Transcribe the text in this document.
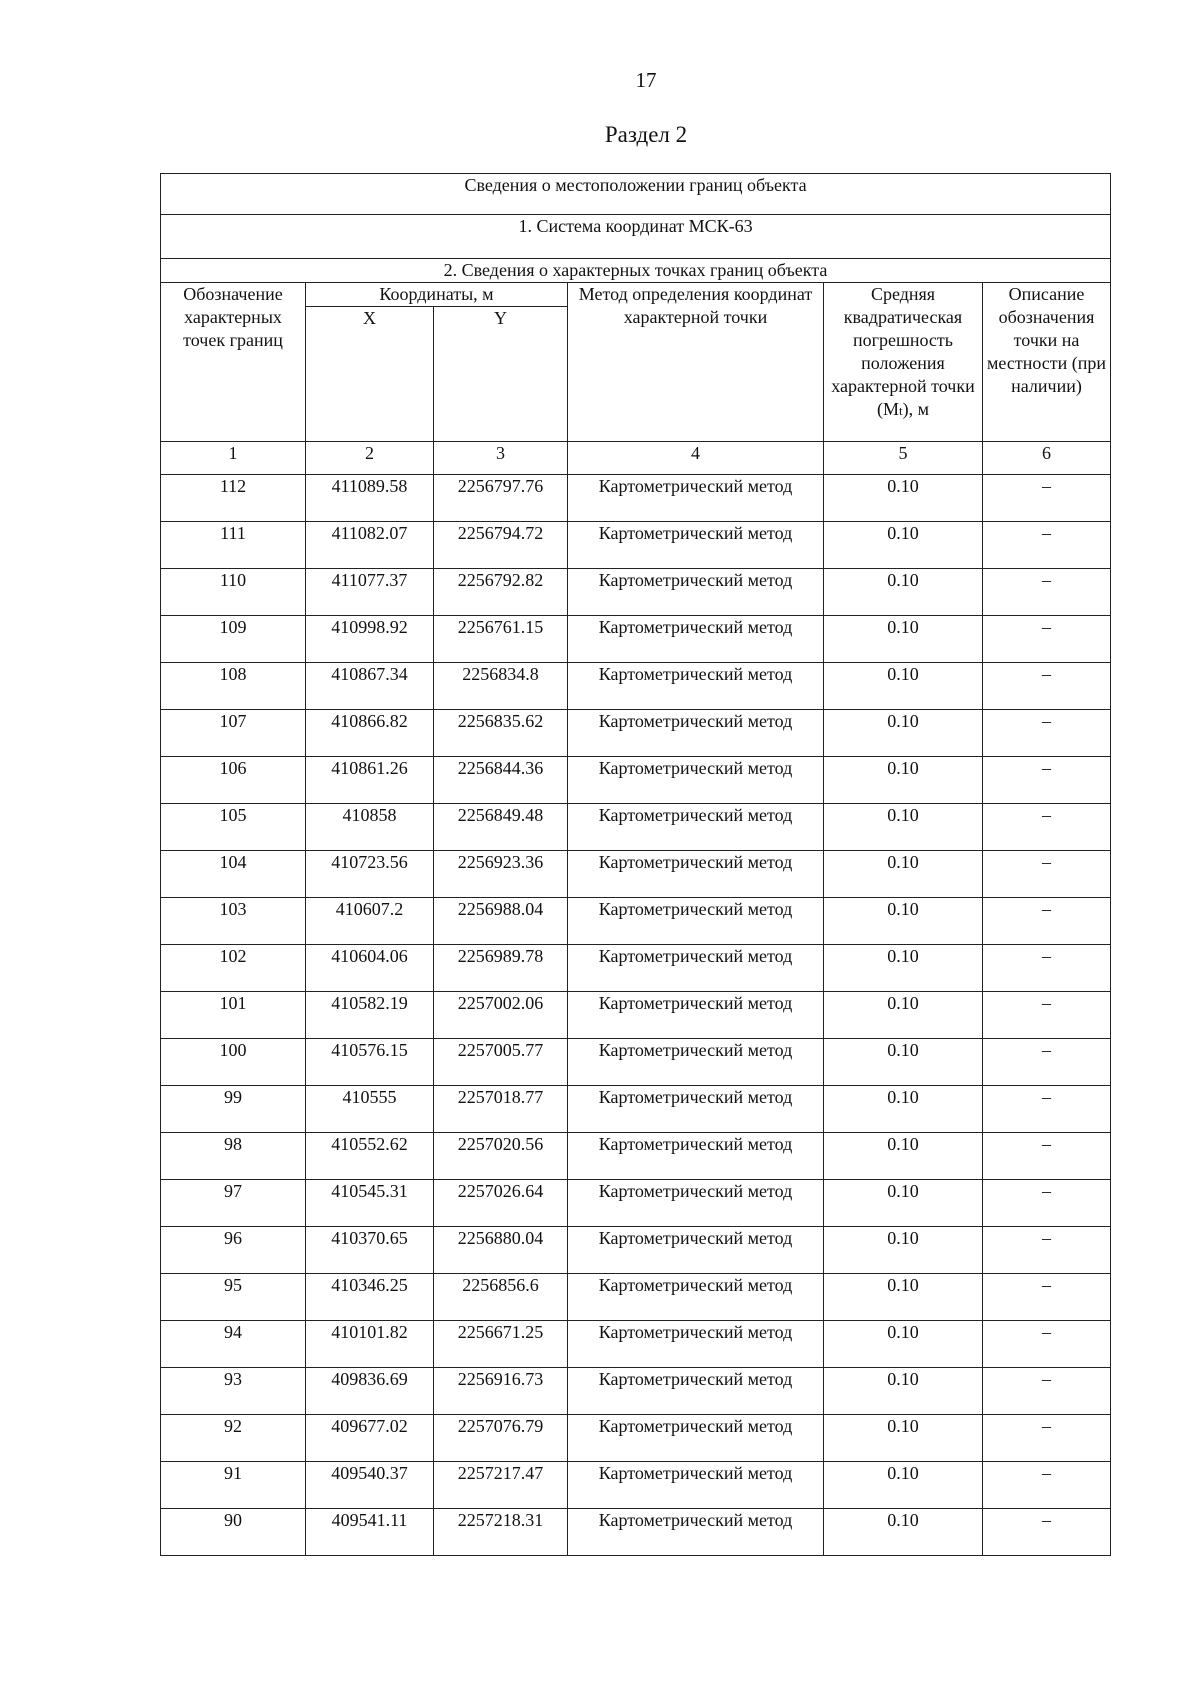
17
Раздел 2
Сведения о местоположении границ объекта					
1. Система координат МСК-63					
2. Сведения о характерных точках границ объекта					
Обозначение характерных точек границ	Координаты, м		Метод определения координат характерной точки	Средняя квадратическая погрешность положения характерной точки (Mt), м	Описание обозначения точки на местности (при наличии)
	X	Y			
1	2	3	4	5	6
112	411089.58	2256797.76	Картометрический метод	0.10	–
111	411082.07	2256794.72	Картометрический метод	0.10	–
110	411077.37	2256792.82	Картометрический метод	0.10	–
109	410998.92	2256761.15	Картометрический метод	0.10	–
108	410867.34	2256834.8	Картометрический метод	0.10	–
107	410866.82	2256835.62	Картометрический метод	0.10	–
106	410861.26	2256844.36	Картометрический метод	0.10	–
105	410858	2256849.48	Картометрический метод	0.10	–
104	410723.56	2256923.36	Картометрический метод	0.10	–
103	410607.2	2256988.04	Картометрический метод	0.10	–
102	410604.06	2256989.78	Картометрический метод	0.10	–
101	410582.19	2257002.06	Картометрический метод	0.10	–
100	410576.15	2257005.77	Картометрический метод	0.10	–
99	410555	2257018.77	Картометрический метод	0.10	–
98	410552.62	2257020.56	Картометрический метод	0.10	–
97	410545.31	2257026.64	Картометрический метод	0.10	–
96	410370.65	2256880.04	Картометрический метод	0.10	–
95	410346.25	2256856.6	Картометрический метод	0.10	–
94	410101.82	2256671.25	Картометрический метод	0.10	–
93	409836.69	2256916.73	Картометрический метод	0.10	–
92	409677.02	2257076.79	Картометрический метод	0.10	–
91	409540.37	2257217.47	Картометрический метод	0.10	–
90	409541.11	2257218.31	Картометрический метод	0.10	–
